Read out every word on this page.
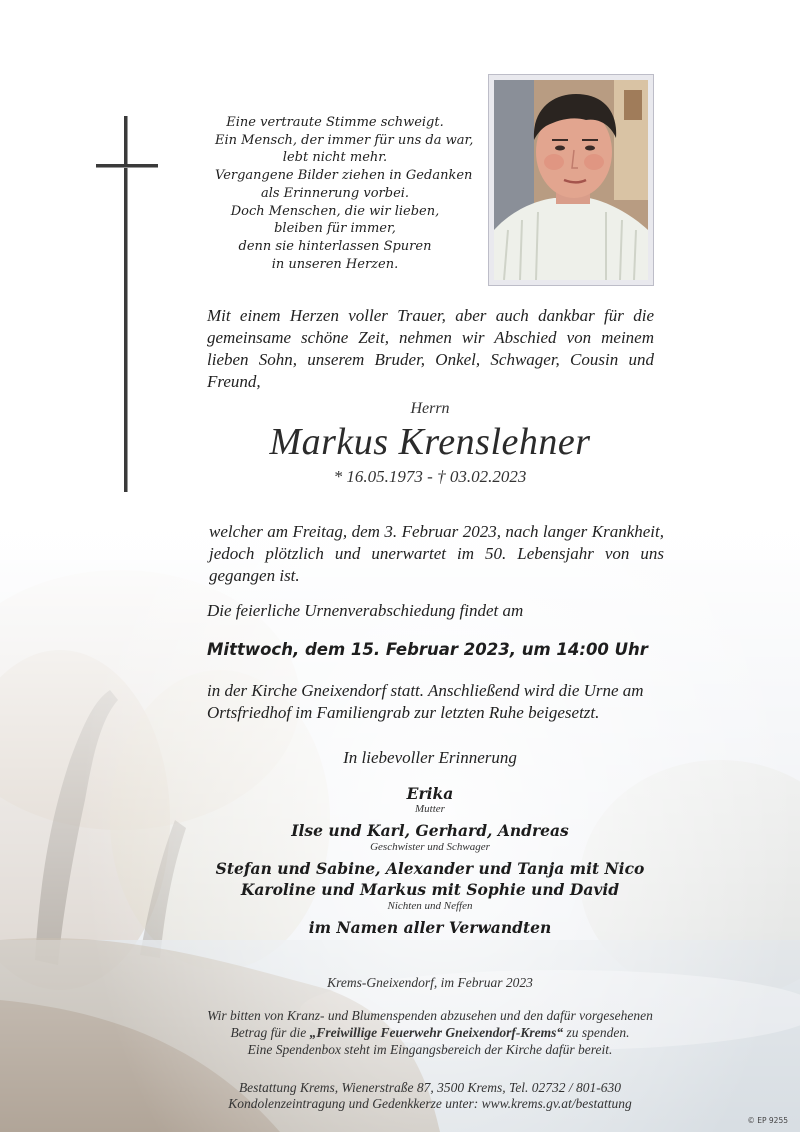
Eine vertraute Stimme schweigt.
Ein Mensch, der immer für uns da war,
lebt nicht mehr.
Vergangene Bilder ziehen in Gedanken
als Erinnerung vorbei.
Doch Menschen, die wir lieben,
bleiben für immer,
denn sie hinterlassen Spuren
in unseren Herzen.
Mit einem Herzen voller Trauer, aber auch dankbar für die gemeinsame schöne Zeit, nehmen wir Abschied von meinem lieben Sohn, unserem Bruder, Onkel, Schwager, Cousin und Freund,
Herrn
Markus Krenslehner
* 16.05.1973 - † 03.02.2023
welcher am Freitag, dem 3. Februar 2023, nach langer Krankheit, jedoch plötzlich und unerwartet im 50. Lebensjahr von uns gegangen ist.
Die feierliche Urnenverabschiedung findet am
Mittwoch, dem 15. Februar 2023, um 14:00 Uhr
in der Kirche Gneixendorf statt. Anschließend wird die Urne am Ortsfriedhof im Familiengrab zur letzten Ruhe beigesetzt.
In liebevoller Erinnerung
Erika
Mutter
Ilse und Karl, Gerhard, Andreas
Geschwister und Schwager
Stefan und Sabine, Alexander und Tanja mit Nico
Karoline und Markus mit Sophie und David
Nichten und Neffen
im Namen aller Verwandten
Krems-Gneixendorf, im Februar 2023
Wir bitten von Kranz- und Blumenspenden abzusehen und den dafür vorgesehenen
Betrag für die „Freiwillige Feuerwehr Gneixendorf-Krems“ zu spenden.
Eine Spendenbox steht im Eingangsbereich der Kirche dafür bereit.
Bestattung Krems, Wienerstraße 87, 3500 Krems, Tel. 02732 / 801-630
Kondolenzeintragung und Gedenkkerze unter: www.krems.gv.at/bestattung
© EP 9255
